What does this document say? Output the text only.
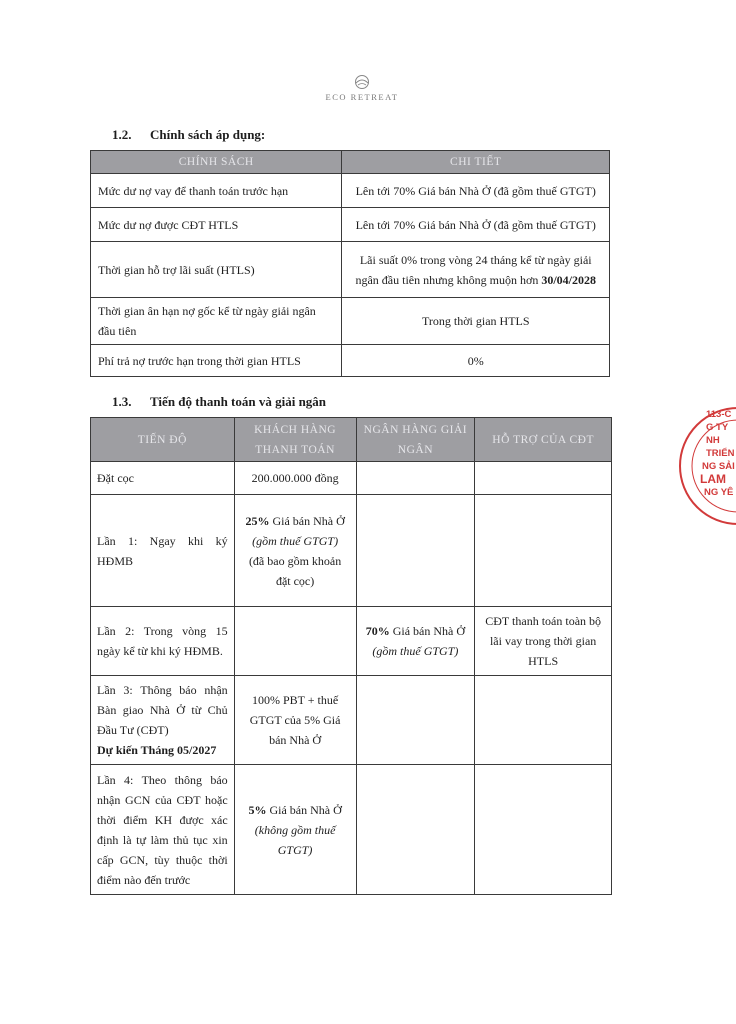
ECO RETREAT
1.2. Chính sách áp dụng:
CHÍNH SÁCH	CHI TIẾT
Mức dư nợ vay để thanh toán trước hạn	Lên tới 70% Giá bán Nhà Ở (đã gồm thuế GTGT)
Mức dư nợ được CĐT HTLS	Lên tới 70% Giá bán Nhà Ở (đã gồm thuế GTGT)
Thời gian hỗ trợ lãi suất (HTLS)	Lãi suất 0% trong vòng 24 tháng kể từ ngày giải ngân đầu tiên nhưng không muộn hơn 30/04/2028
Thời gian ân hạn nợ gốc kể từ ngày giải ngân đầu tiên	Trong thời gian HTLS
Phí trả nợ trước hạn trong thời gian HTLS	0%
1.3. Tiến độ thanh toán và giải ngân
TIẾN ĐỘ	KHÁCH HÀNG THANH TOÁN	NGÂN HÀNG GIẢI NGÂN	HỖ TRỢ CỦA CĐT
Đặt cọc	200.000.000 đồng		
Lần 1: Ngay khi ký HĐMB	25% Giá bán Nhà Ở
(gồm thuế GTGT)
(đã bao gồm khoản đặt cọc)		
Lần 2: Trong vòng 15 ngày kể từ khi ký HĐMB.		70% Giá bán Nhà Ở
(gồm thuế GTGT)	CĐT thanh toán toàn bộ lãi vay trong thời gian HTLS
Lần 3: Thông báo nhận Bàn giao Nhà Ở từ Chủ Đầu Tư (CĐT)
Dự kiến Tháng 05/2027	100% PBT + thuế GTGT của 5% Giá bán Nhà Ở		
Lần 4: Theo thông báo nhận GCN của CĐT hoặc thời điểm KH được xác định là tự làm thủ tục xin cấp GCN, tùy thuộc thời điểm nào đến trước	5% Giá bán Nhà Ở
(không gồm thuế GTGT)		
113-C
G TY
NH
TRIỂN
NG SẢI
LAM
NG YÊ
